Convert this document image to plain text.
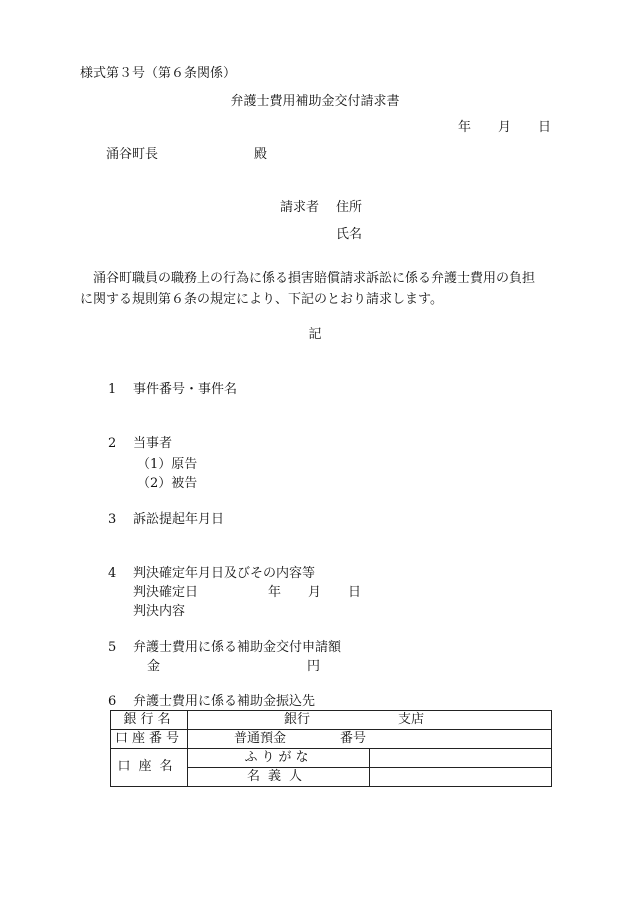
様式第３号（第６条関係）
弁護士費用補助金交付請求書
年 月 日
涌谷町長	殿
請求者 住所
氏名

涌谷町職員の職務上の行為に係る損害賠償請求訴訟に係る弁護士費用の負担

に関する規則第６条の規定により、下記のとおり請求します。

記
1 事件番号・事件名
2 当事者
（1）原告
（2）被告
3 訴訟提起年月日
4 判決確定年月日及びその内容等
判決確定日	年 月 日
判決内容
5 弁護士費用に係る補助金交付申請額
金	円
6 弁護士費用に係る補助金振込先
銀行名	銀行 支店	

口座番号	普通預金 番号	

口座名	ふりがな	
	名義人	
